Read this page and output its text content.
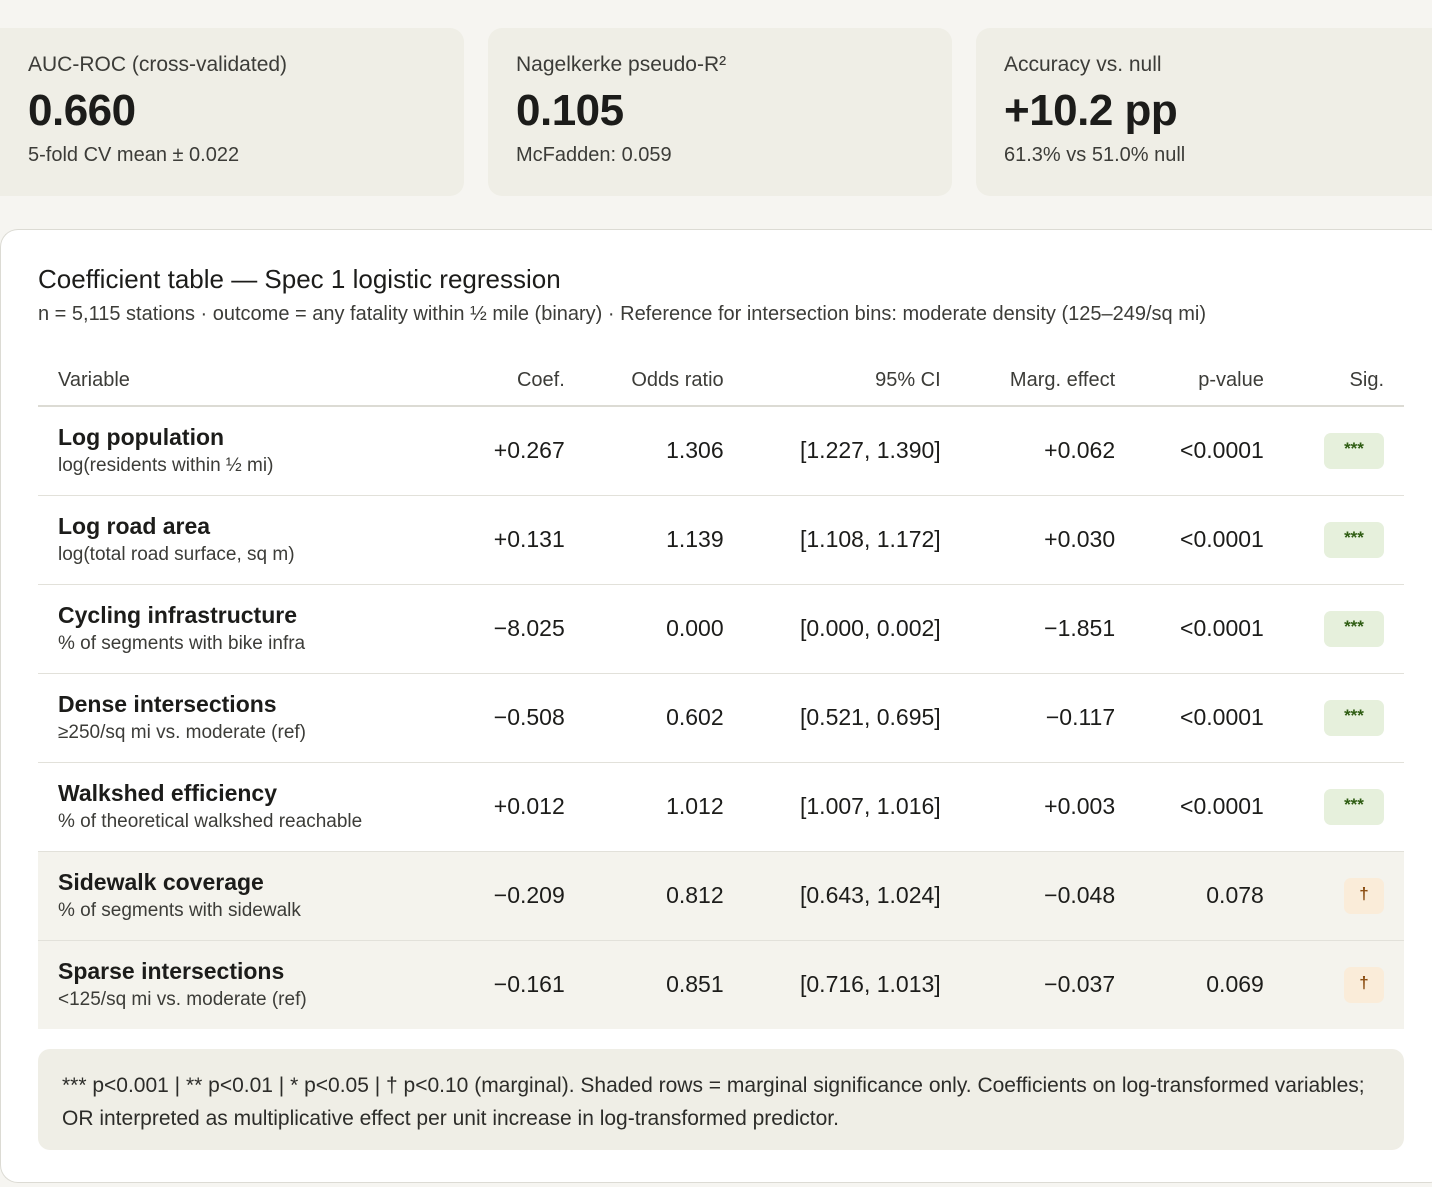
AUC-ROC (cross-validated)
0.660
5-fold CV mean ± 0.022
Nagelkerke pseudo-R²
0.105
McFadden: 0.059
Accuracy vs. null
+10.2 pp
61.3% vs 51.0% null
Coefficient table — Spec 1 logistic regression
n = 5,115 stations · outcome = any fatality within ½ mile (binary) · Reference for intersection bins: moderate density (125–249/sq mi)
Variable	Coef.	Odds ratio	95% CI	Marg. effect	p-value	Sig.

Log population
log(residents within ½ mi)	+0.267	1.306	[1.227, 1.390]	+0.062	<0.0001	***

Log road area
log(total road surface, sq m)	+0.131	1.139	[1.108, 1.172]	+0.030	<0.0001	***

Cycling infrastructure
% of segments with bike infra	−8.025	0.000	[0.000, 0.002]	−1.851	<0.0001	***

Dense intersections
≥250/sq mi vs. moderate (ref)	−0.508	0.602	[0.521, 0.695]	−0.117	<0.0001	***

Walkshed efficiency
% of theoretical walkshed reachable	+0.012	1.012	[1.007, 1.016]	+0.003	<0.0001	***

Sidewalk coverage
% of segments with sidewalk	−0.209	0.812	[0.643, 1.024]	−0.048	0.078	†

Sparse intersections
<125/sq mi vs. moderate (ref)	−0.161	0.851	[0.716, 1.013]	−0.037	0.069	†
*** p<0.001 | ** p<0.01 | * p<0.05 | † p<0.10 (marginal). Shaded rows = marginal significance only. Coefficients on log-transformed variables; OR interpreted as multiplicative effect per unit increase in log-transformed predictor.
